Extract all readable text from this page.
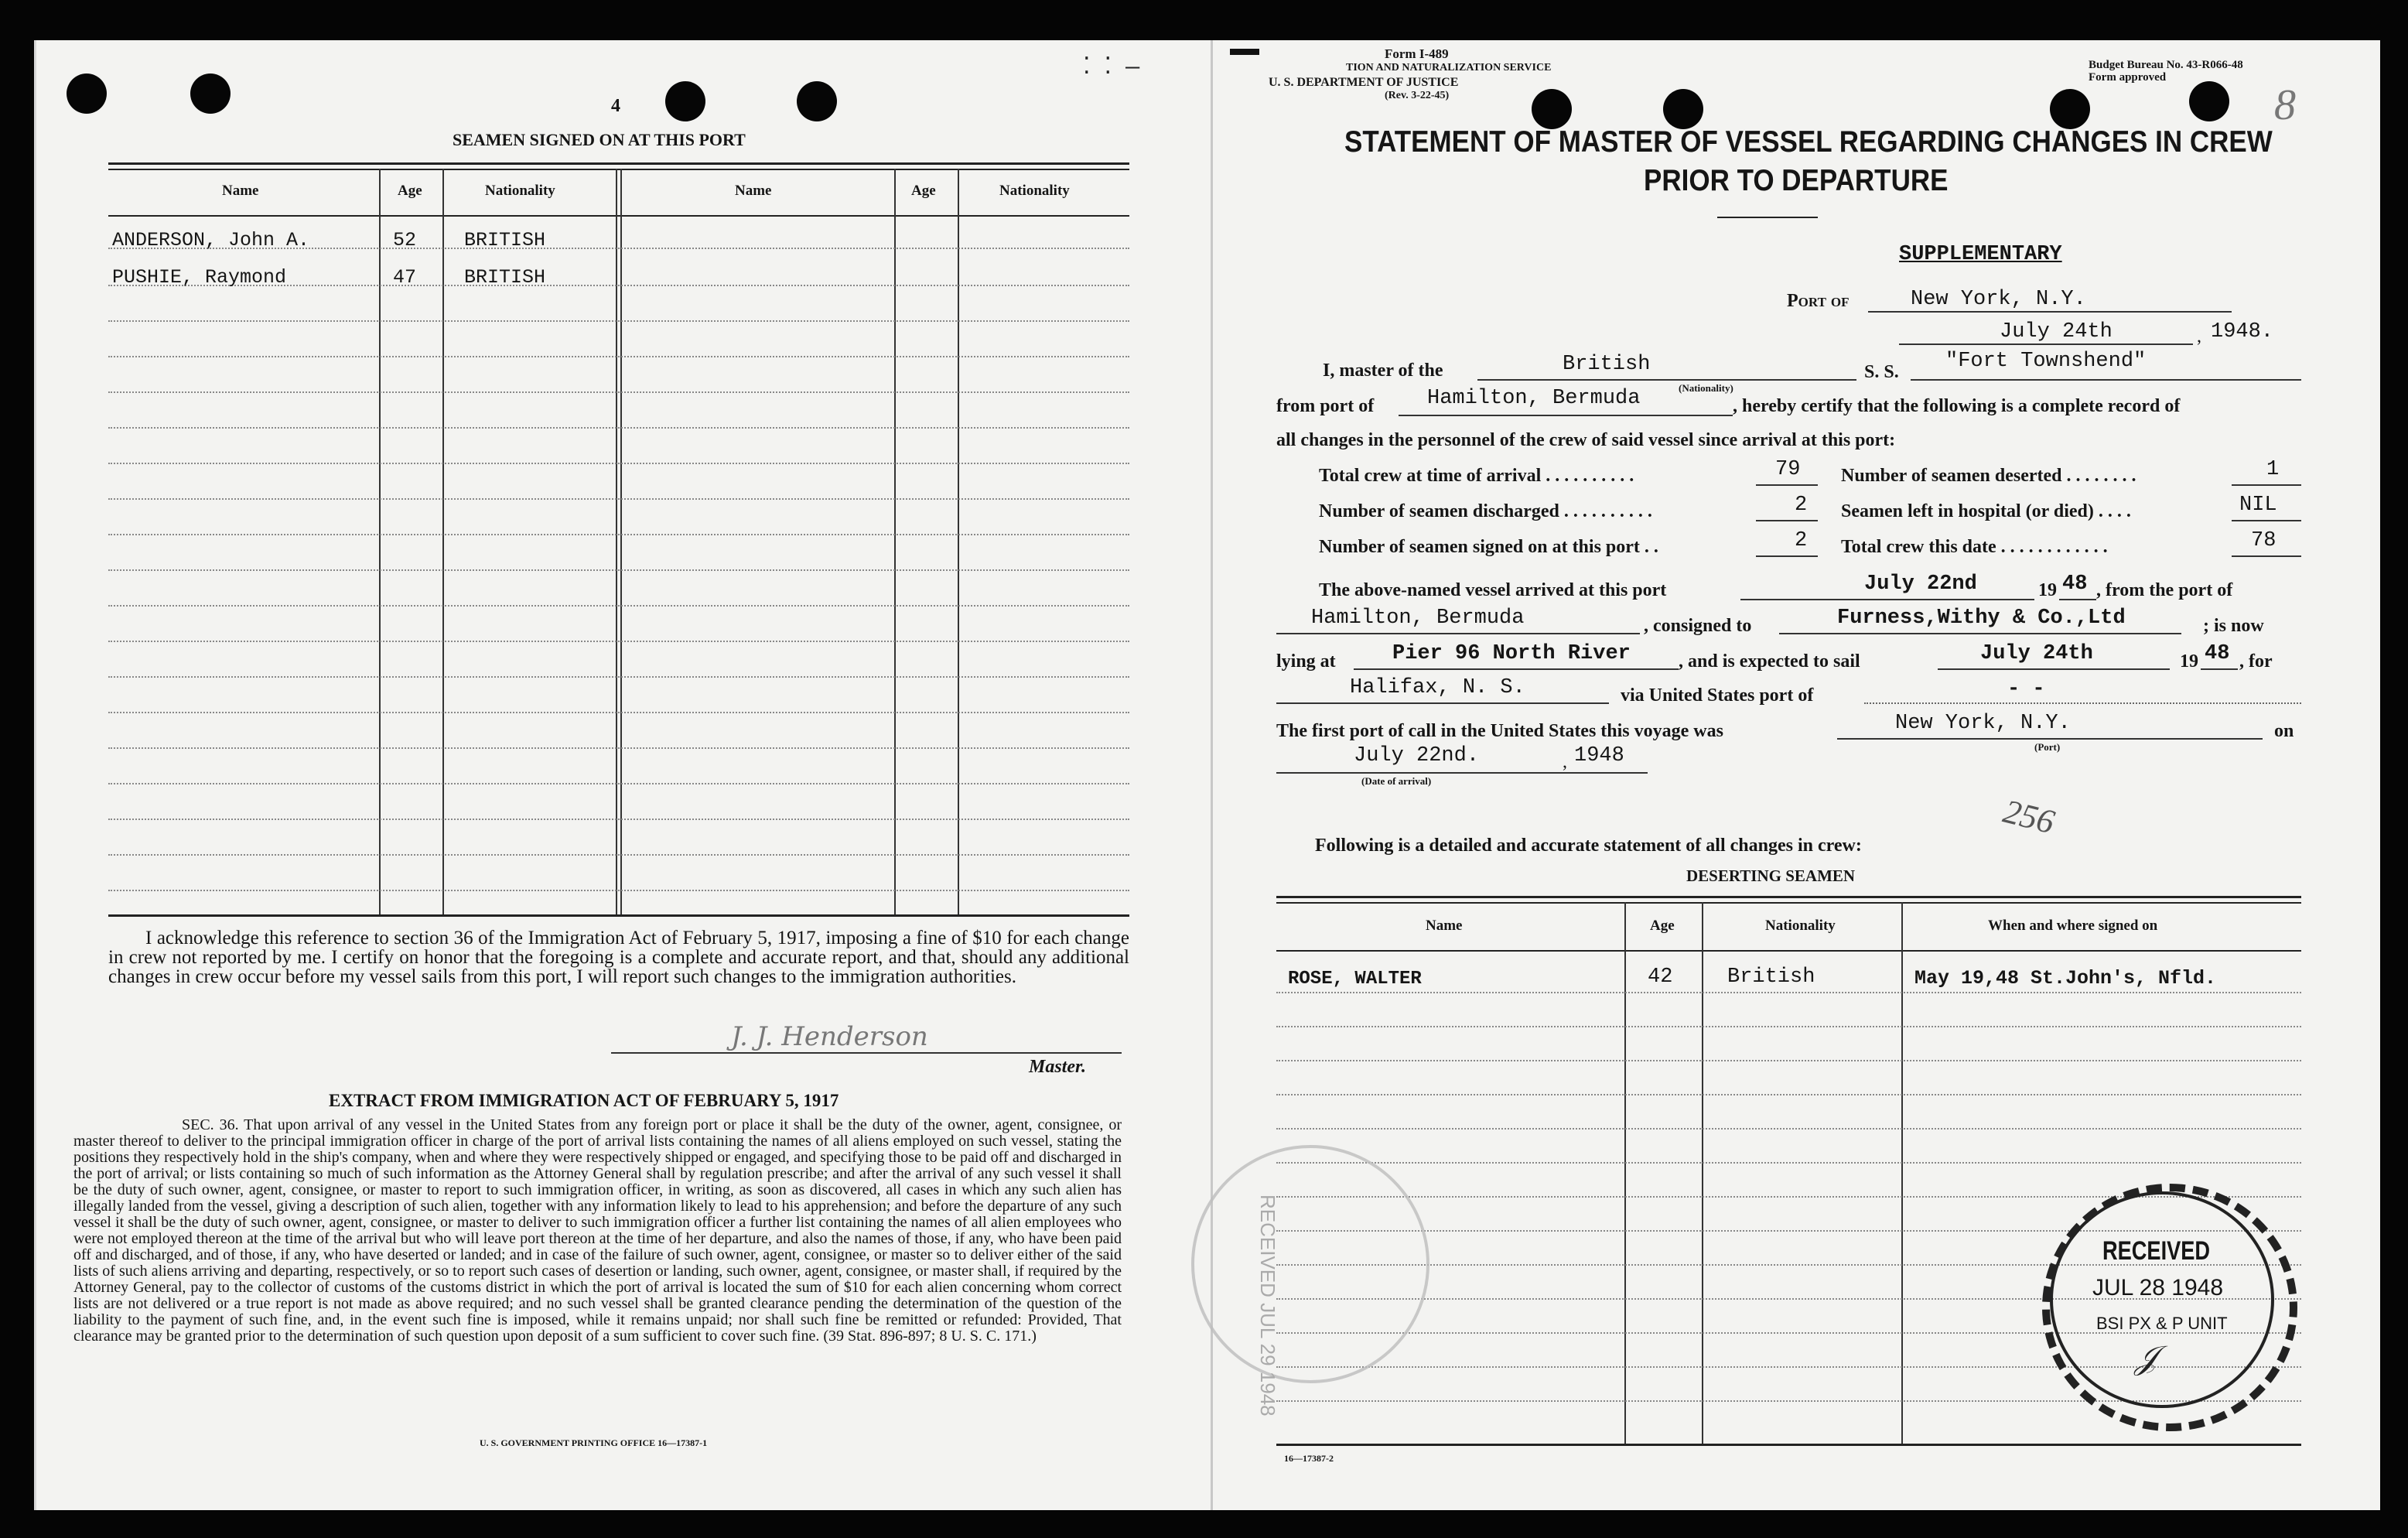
4
SEAMEN SIGNED ON AT THIS PORT
Name	Age	Nationality	Name	Age	Nationality
ANDERSON, John A.	52 BRITISH
PUSHIE, Raymond	47 BRITISH
I acknowledge this reference to section 36 of the Immigration Act of February 5, 1917, imposing a fine of $10 for each change in crew not reported by me. I certify on honor that the foregoing is a complete and accurate report, and that, should any additional changes in crew occur before my vessel sails from this port, I will report such changes to the immigration authorities.
J. J. Henderson
Master.
EXTRACT FROM IMMIGRATION ACT OF FEBRUARY 5, 1917
SEC. 36. That upon arrival of any vessel in the United States from any foreign port or place it shall be the duty of the owner, agent, consignee, or master thereof to deliver to the principal immigration officer in charge of the port of arrival lists containing the names of all aliens employed on such vessel, stating the positions they respectively hold in the ship's company, when and where they were respectively shipped or engaged, and specifying those to be paid off and discharged in the port of arrival; or lists containing so much of such information as the Attorney General shall by regulation prescribe; and after the arrival of any such vessel it shall be the duty of such owner, agent, consignee, or master to report to such immigration officer, in writing, as soon as discovered, all cases in which any such alien has illegally landed from the vessel, giving a description of such alien, together with any information likely to lead to his apprehension; and before the departure of any such vessel it shall be the duty of such owner, agent, consignee, or master to deliver to such immigration officer a further list containing the names of all alien employees who were not employed thereon at the time of the arrival but who will leave port thereon at the time of her departure, and also the names of those, if any, who have been paid off and discharged, and of those, if any, who have deserted or landed; and in case of the failure of such owner, agent, consignee, or master so to deliver either of the said lists of such aliens arriving and departing, respectively, or so to report such cases of desertion or landing, such owner, agent, consignee, or master shall, if required by the Attorney General, pay to the collector of customs of the customs district in which the port of arrival is located the sum of $10 for each alien concerning whom correct lists are not delivered or a true report is not made as above required; and no such vessel shall be granted clearance pending the determination of the question of the liability to the payment of such fine, and, in the event such fine is imposed, while it remains unpaid; nor shall such fine be remitted or refunded: Provided, That clearance may be granted prior to the determination of such question upon deposit of a sum sufficient to cover such fine. (39 Stat. 896-897; 8 U. S. C. 171.)
U. S. GOVERNMENT PRINTING OFFICE 16—17387-1
⁚ ⁚ —
Form I-489
TION AND NATURALIZATION SERVICE
U. S. DEPARTMENT OF JUSTICE
(Rev. 3-22-45)
Budget Bureau No. 43-R066-48
Form approved
8
STATEMENT OF MASTER OF VESSEL REGARDING CHANGES IN CREW
PRIOR TO DEPARTURE
SUPPLEMENTARY
Port of	New York, N.Y.
July 24th	, 1948.
I, master of the	British
(Nationality)
S. S. "Fort Townshend"
from port of	Hamilton, Bermuda	, hereby certify that the following is a complete record of
all changes in the personnel of the crew of said vessel since arrival at this port:
Total crew at time of arrival . . . . . . . . . .	79
Number of seamen discharged . . . . . . . . . .	2
Number of seamen signed on at this port . .	2
Number of seamen deserted . . . . . . . .	1
Seamen left in hospital (or died) . . . .	NIL
Total crew this date . . . . . . . . . . . .	78
The above-named vessel arrived at this port	July 22nd	19 48 , from the port of
Hamilton, Bermuda	, consigned to	Furness,Withy & Co.,Ltd	; is now
lying at	Pier 96 North River	, and is expected to sail	July 24th	19 48 , for
Halifax, N. S.	via United States port of	- -
The first port of call in the United States this voyage was	New York, N.Y.
(Port)
on
July 22nd.	, 1948
(Date of arrival)
256
Following is a detailed and accurate statement of all changes in crew:
DESERTING SEAMEN
Name	Age	Nationality	When and where signed on
ROSE, WALTER	42	British	May 19,48 St.John's, Nfld.
RECEIVED JUL 29 1948	RECEIVED
JUL 28 1948
BSI PX & P UNIT
𝒥
16—17387-2
